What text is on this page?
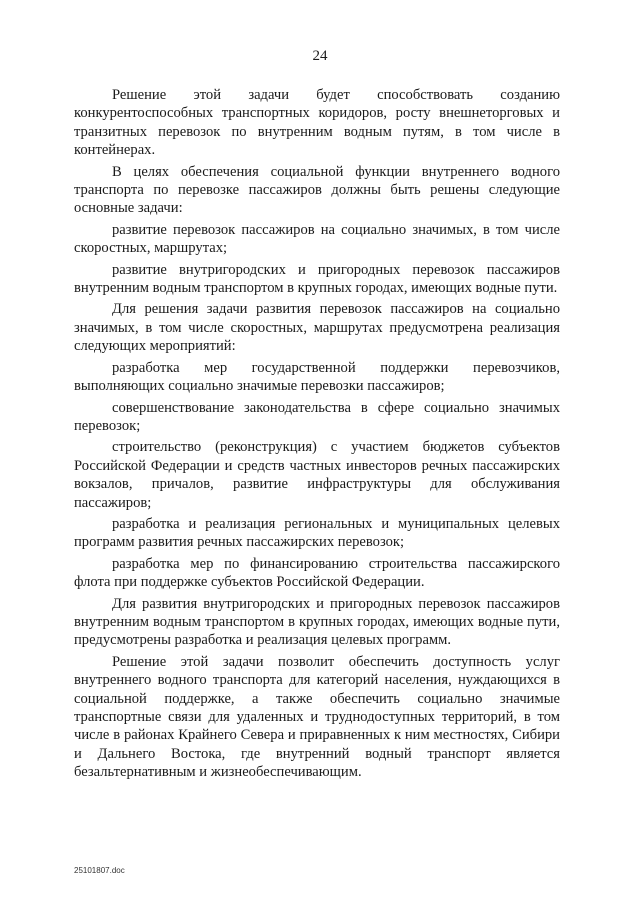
24

Решение этой задачи будет способствовать созданию конкурентоспособных транспортных коридоров, росту внешнеторговых и транзитных перевозок по внутренним водным путям, в том числе в контейнерах.

В целях обеспечения социальной функции внутреннего водного транспорта по перевозке пассажиров должны быть решены следующие основные задачи:

развитие перевозок пассажиров на социально значимых, в том числе скоростных, маршрутах;

развитие внутригородских и пригородных перевозок пассажиров внутренним водным транспортом в крупных городах, имеющих водные пути.

Для решения задачи развития перевозок пассажиров на социально значимых, в том числе скоростных, маршрутах предусмотрена реализация следующих мероприятий:

разработка мер государственной поддержки перевозчиков, выполняющих социально значимые перевозки пассажиров;

совершенствование законодательства в сфере социально значимых перевозок;

строительство (реконструкция) с участием бюджетов субъектов Российской Федерации и средств частных инвесторов речных пассажирских вокзалов, причалов, развитие инфраструктуры для обслуживания пассажиров;

разработка и реализация региональных и муниципальных целевых программ развития речных пассажирских перевозок;

разработка мер по финансированию строительства пассажирского флота при поддержке субъектов Российской Федерации.

Для развития внутригородских и пригородных перевозок пассажиров внутренним водным транспортом в крупных городах, имеющих водные пути, предусмотрены разработка и реализация целевых программ.

Решение этой задачи позволит обеспечить доступность услуг внутреннего водного транспорта для категорий населения, нуждающихся в социальной поддержке, а также обеспечить социально значимые транспортные связи для удаленных и труднодоступных территорий, в том числе в районах Крайнего Севера и приравненных к ним местностях, Сибири и Дальнего Востока, где внутренний водный транспорт является безальтернативным и жизнеобеспечивающим.

25101807.doc
